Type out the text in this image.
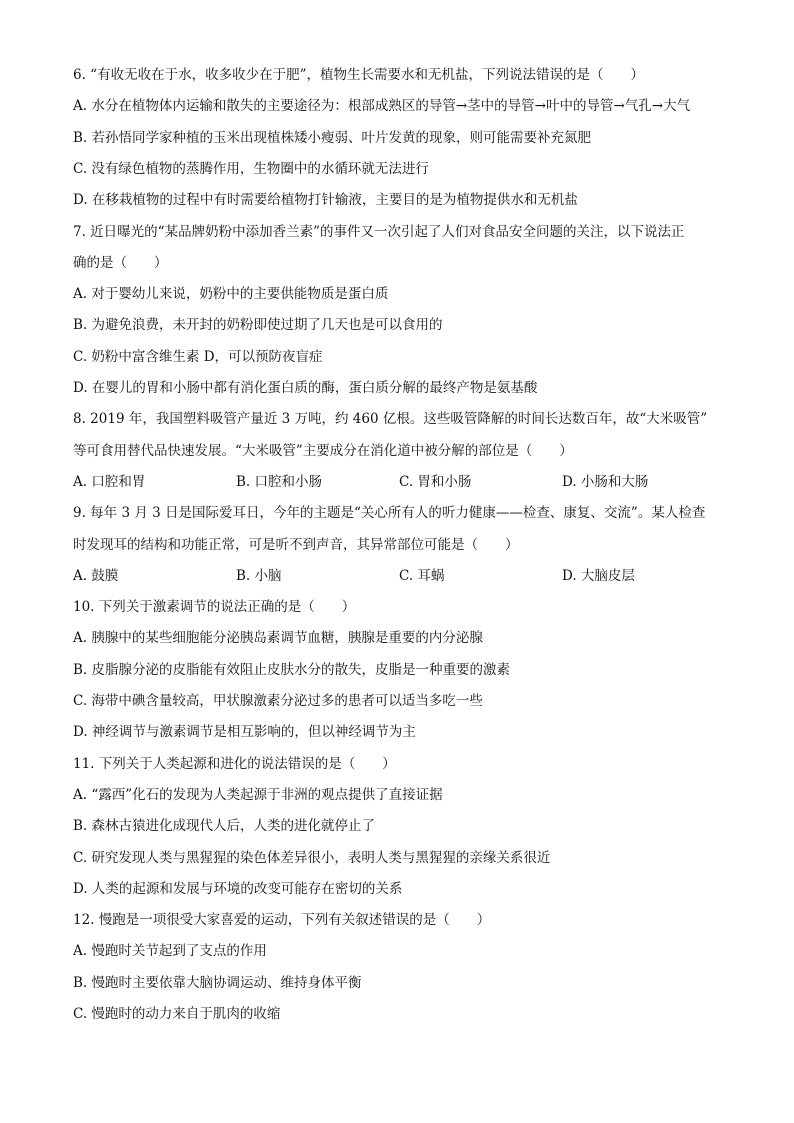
6. “有收无收在于水，收多收少在于肥”，植物生长需要水和无机盐，下列说法错误的是（　　）
A. 水分在植物体内运输和散失的主要途径为：根部成熟区的导管→茎中的导管→叶中的导管→气孔→大气
B. 若孙悟同学家种植的玉米出现植株矮小瘦弱、叶片发黄的现象，则可能需要补充氮肥
C. 没有绿色植物的蒸腾作用，生物圈中的水循环就无法进行
D. 在移栽植物的过程中有时需要给植物打针输液，主要目的是为植物提供水和无机盐
7. 近日曝光的“某品牌奶粉中添加香兰素”的事件又一次引起了人们对食品安全问题的关注，以下说法正
确的是（　　）
A. 对于婴幼儿来说，奶粉中的主要供能物质是蛋白质
B. 为避免浪费，未开封的奶粉即使过期了几天也是可以食用的
C. 奶粉中富含维生素 D，可以预防夜盲症
D. 在婴儿的胃和小肠中都有消化蛋白质的酶，蛋白质分解的最终产物是氨基酸
8. 2019 年，我国塑料吸管产量近 3 万吨，约 460 亿根。这些吸管降解的时间长达数百年，故“大米吸管”
等可食用替代品快速发展。“大米吸管”主要成分在消化道中被分解的部位是（　　）
A. 口腔和胃	B. 口腔和小肠	C. 胃和小肠	D. 小肠和大肠
9. 每年 3 月 3 日是国际爱耳日，今年的主题是“关心所有人的听力健康——检查、康复、交流”。某人检查
时发现耳的结构和功能正常，可是听不到声音，其异常部位可能是（　　）
A. 鼓膜	B. 小脑	C. 耳蜗	D. 大脑皮层
10. 下列关于激素调节的说法正确的是（　　）
A. 胰腺中的某些细胞能分泌胰岛素调节血糖，胰腺是重要的内分泌腺
B. 皮脂腺分泌的皮脂能有效阻止皮肤水分的散失，皮脂是一种重要的激素
C. 海带中碘含量较高，甲状腺激素分泌过多的患者可以适当多吃一些
D. 神经调节与激素调节是相互影响的，但以神经调节为主
11. 下列关于人类起源和进化的说法错误的是（　　）
A. “露西”化石的发现为人类起源于非洲的观点提供了直接证据
B. 森林古猿进化成现代人后，人类的进化就停止了
C. 研究发现人类与黑猩猩的染色体差异很小，表明人类与黑猩猩的亲缘关系很近
D. 人类的起源和发展与环境的改变可能存在密切的关系
12. 慢跑是一项很受大家喜爱的运动，下列有关叙述错误的是（　　）
A. 慢跑时关节起到了支点的作用
B. 慢跑时主要依靠大脑协调运动、维持身体平衡
C. 慢跑时的动力来自于肌肉的收缩
